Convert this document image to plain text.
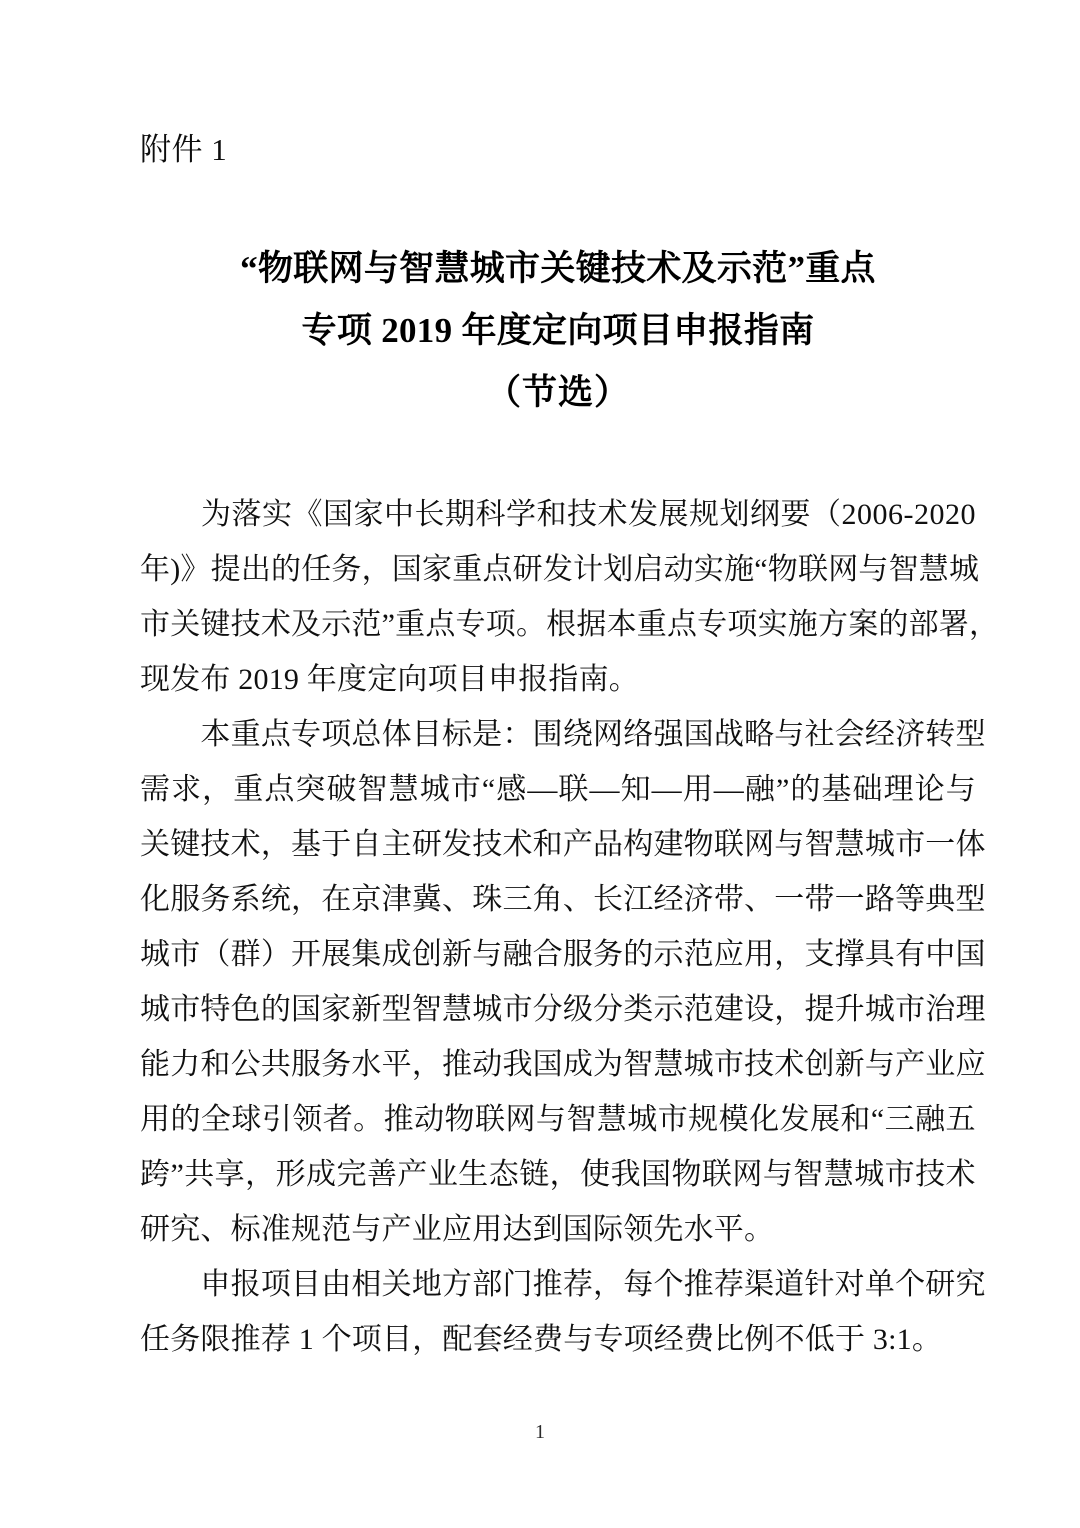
附件 1
“物联网与智慧城市关键技术及示范”重点
专项 2019 年度定向项目申报指南
（节选）

为 落 实 《 国 家 中 长 期 科 学 和 技 术 发 展 规 划 纲 要 （ 2 0 0 6 - 2 0 2 0
年 ) 》 提 出 的 任 务 ， 国 家 重 点 研 发 计 划 启 动 实 施 “ 物 联 网 与 智 慧 城
市 关 键 技 术 及 示 范 ” 重 点 专 项 。 根 据 本 重 点 专 项 实 施 方 案 的 部 署 ，
现发布 2019 年度定向项目申报指南。

本 重 点 专 项 总 体 目 标 是 ： 围 绕 网 络 强 国 战 略 与 社 会 经 济 转 型
需 求 ， 重 点 突 破 智 慧 城 市 “ 感 — 联 — 知 — 用 — 融 ” 的 基 础 理 论 与
关 键 技 术 ， 基 于 自 主 研 发 技 术 和 产 品 构 建 物 联 网 与 智 慧 城 市 一 体
化 服 务 系 统 ， 在 京 津 冀 、 珠 三 角 、 长 江 经 济 带 、 一 带 一 路 等 典 型
城 市 （ 群 ） 开 展 集 成 创 新 与 融 合 服 务 的 示 范 应 用 ， 支 撑 具 有 中 国
城 市 特 色 的 国 家 新 型 智 慧 城 市 分 级 分 类 示 范 建 设 ， 提 升 城 市 治 理
能 力 和 公 共 服 务 水 平 ， 推 动 我 国 成 为 智 慧 城 市 技 术 创 新 与 产 业 应
用 的 全 球 引 领 者 。 推 动 物 联 网 与 智 慧 城 市 规 模 化 发 展 和 “ 三 融 五
跨 ” 共 享 ， 形 成 完 善 产 业 生 态 链 ， 使 我 国 物 联 网 与 智 慧 城 市 技 术
研究、标准规范与产业应用达到国际领先水平。

申 报 项 目 由 相 关 地 方 部 门 推 荐 ， 每 个 推 荐 渠 道 针 对 单 个 研 究
任务限推荐 1 个项目，配套经费与专项经费比例不低于 3:1。
1
